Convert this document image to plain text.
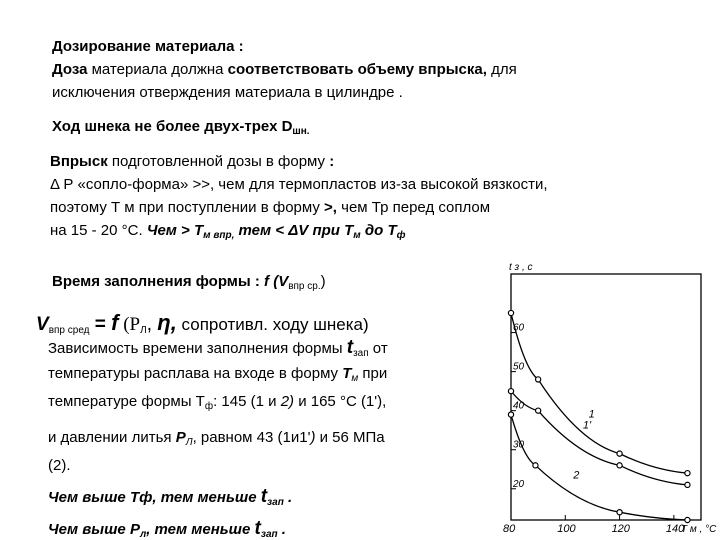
Дозирование материала :
Доза материала должна соответствовать объему впрыска, для
исключения отверждения материала в цилиндре .
Ход шнека не более двух-трех $D_{шн.}$
Впрыск подготовленной дозы в форму :
Δ Р «сопло-форма» >>, чем для термопластов из-за высокой вязкости,
поэтому Т м при поступлении в форму >, чем Тр перед соплом
на 15 - 20 °С. Чем > $Т_{м впр,}$ тем < ΔV при $Т_м$ до $Т_ф$
Время заполнения формы : f $(V_{впр ср.})$
$V_{впр сред} = f$ ($Р_Л$, η, сопротивл. ходу шнека)
Зависимость времени заполнения формы $t_{зап}$ от
температуры расплава на входе в форму $Т_м$ при
температуре формы $Т_ф$: 145 (1 и 2) и 165 °С (1'),
и давлении литья $Р_Л$, равном 43 (1и1') и 56 МПа
(2).
Чем выше Тф, тем меньше $t_{зап}$ .
Чем выше $Р_л$, тем меньше $t_{зап}$ .
20
30
40
50
60
80	100	120	140
t з , c
T м , °C
1
1'
2
